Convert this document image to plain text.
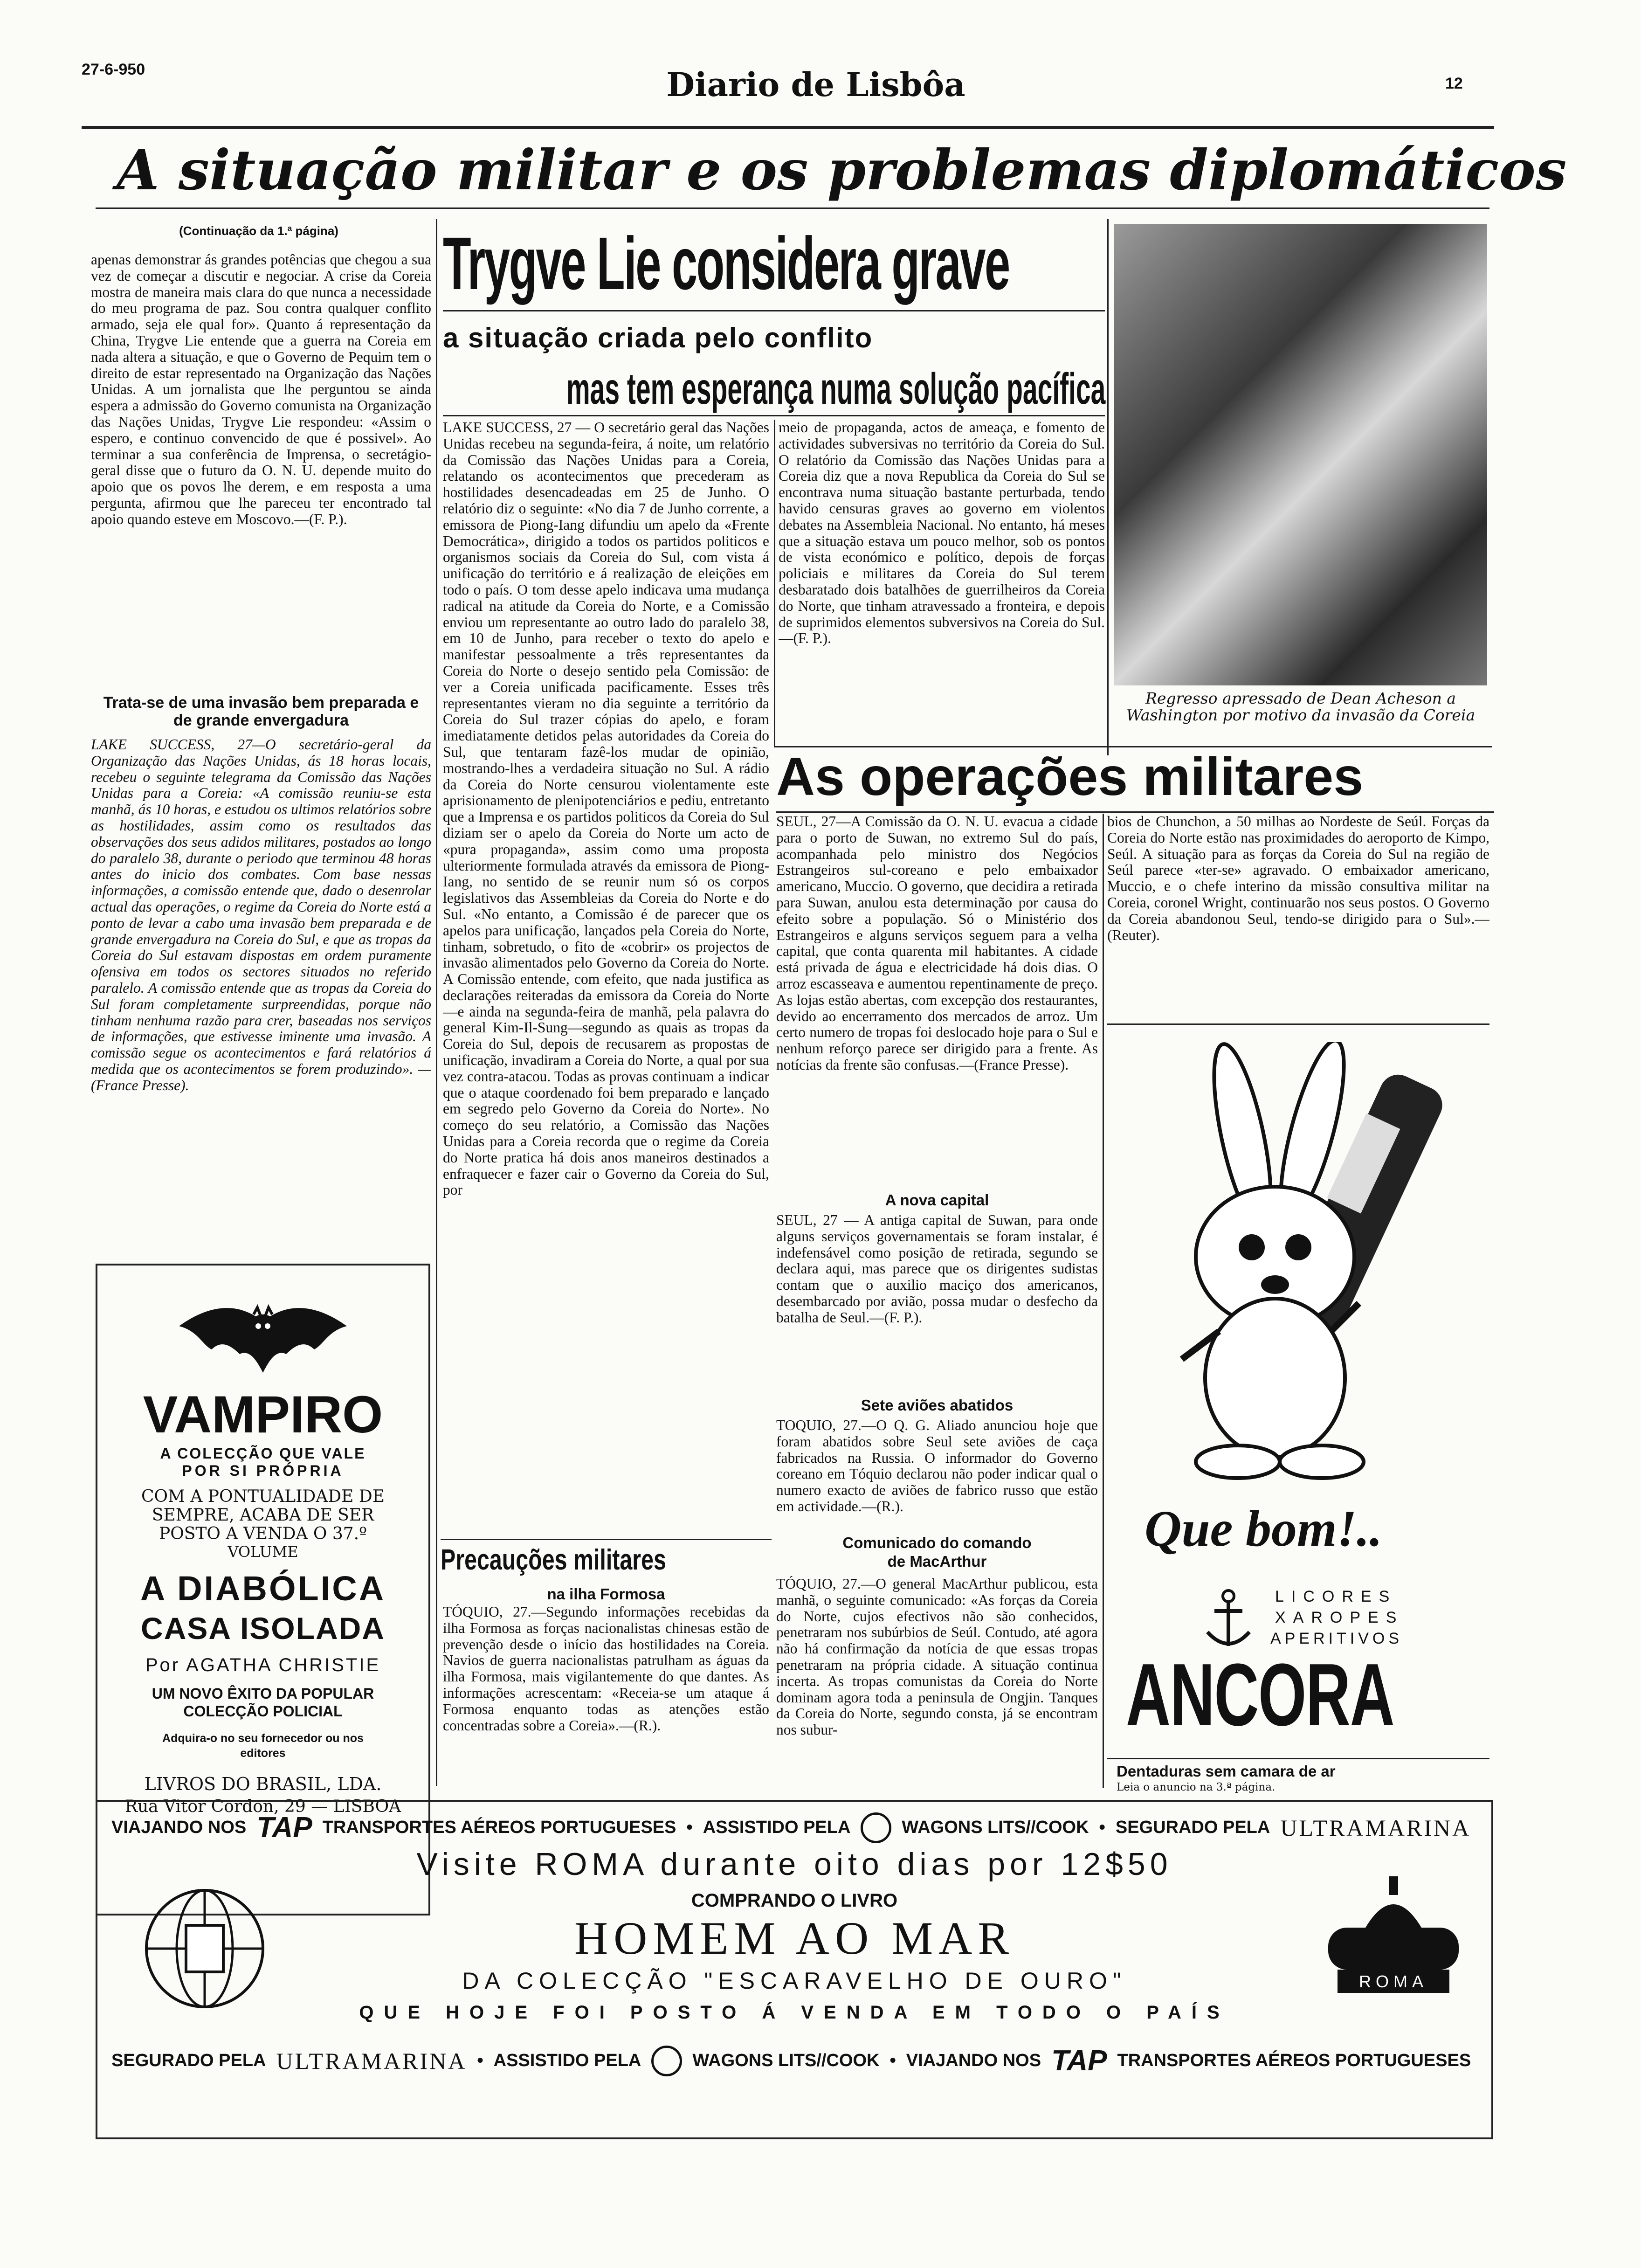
27-6-950	Diario de Lisbôa	12
A situação militar e os problemas diplomáticos
(Continuação da 1.ª página)
apenas demonstrar ás grandes potências que chegou a sua vez de começar a discutir e negociar. A crise da Coreia mostra de maneira mais clara do que nunca a necessidade do meu programa de paz. Sou contra qualquer conflito armado, seja ele qual for». Quanto á representação da China, Trygve Lie entende que a guerra na Coreia em nada altera a situação, e que o Governo de Pequim tem o direito de estar representado na Organização das Nações Unidas. A um jornalista que lhe perguntou se ainda espera a admissão do Governo comunista na Organização das Nações Unidas, Trygve Lie respondeu: «Assim o espero, e continuo convencido de que é possivel». Ao terminar a sua conferência de Imprensa, o secretágio-geral disse que o futuro da O. N. U. depende muito do apoio que os povos lhe derem, e em resposta a uma pergunta, afirmou que lhe pareceu ter encontrado tal apoio quando esteve em Moscovo.—(F. P.).
Trata-se de uma invasão bem preparada e de grande envergadura
LAKE SUCCESS, 27—O secretário-geral da Organização das Nações Unidas, ás 18 horas locais, recebeu o seguinte telegrama da Comissão das Nações Unidas para a Coreia: «A comissão reuniu-se esta manhã, ás 10 horas, e estudou os ultimos relatórios sobre as hostilidades, assim como os resultados das observações dos seus adidos militares, postados ao longo do paralelo 38, durante o periodo que terminou 48 horas antes do inicio dos combates. Com base nessas informações, a comissão entende que, dado o desenrolar actual das operações, o regime da Coreia do Norte está a ponto de levar a cabo uma invasão bem preparada e de grande envergadura na Coreia do Sul, e que as tropas da Coreia do Sul estavam dispostas em ordem puramente ofensiva em todos os sectores situados no referido paralelo. A comissão entende que as tropas da Coreia do Sul foram completamente surpreendidas, porque não tinham nenhuma razão para crer, baseadas nos serviços de informações, que estivesse iminente uma invasão. A comissão segue os acontecimentos e fará relatórios á medida que os acontecimentos se forem produzindo». —(France Presse).
VAMPIRO
A COLECÇÃO QUE VALE
POR SI PRÓPRIA
COM A PONTUALIDADE DE
SEMPRE, ACABA DE SER
POSTO A VENDA O 37.º
VOLUME
A DIABÓLICA
CASA ISOLADA
Por AGATHA CHRISTIE
UM NOVO ÊXITO DA POPULAR
COLECÇÃO POLICIAL
Adquira-o no seu fornecedor ou nos
editores
LIVROS DO BRASIL, LDA.
Rua Vitor Cordon, 29 — LISBOA
Trygve Lie considera grave
a situação criada pelo conflito
mas tem esperança numa solução pacífica
LAKE SUCCESS, 27 — O secretário geral das Nações Unidas recebeu na segunda-feira, á noite, um relatório da Comissão das Nações Unidas para a Coreia, relatando os acontecimentos que precederam as hostilidades desencadeadas em 25 de Junho. O relatório diz o seguinte: «No dia 7 de Junho corrente, a emissora de Piong-Iang difundiu um apelo da «Frente Democrática», dirigido a todos os partidos politicos e organismos sociais da Coreia do Sul, com vista á unificação do território e á realização de eleições em todo o país. O tom desse apelo indicava uma mudança radical na atitude da Coreia do Norte, e a Comissão enviou um representante ao outro lado do paralelo 38, em 10 de Junho, para receber o texto do apelo e manifestar pessoalmente a três representantes da Coreia do Norte o desejo sentido pela Comissão: de ver a Coreia unificada pacificamente. Esses três representantes vieram no dia seguinte a território da Coreia do Sul trazer cópias do apelo, e foram imediatamente detidos pelas autoridades da Coreia do Sul, que tentaram fazê-los mudar de opinião, mostrando-lhes a verdadeira situação no Sul. A rádio da Coreia do Norte censurou violentamente este aprisionamento de plenipotenciários e pediu, entretanto que a Imprensa e os partidos politicos da Coreia do Sul diziam ser o apelo da Coreia do Norte um acto de «pura propaganda», assim como uma proposta ulteriormente formulada através da emissora de Piong-Iang, no sentido de se reunir num só os corpos legislativos das Assembleias da Coreia do Norte e do Sul. «No entanto, a Comissão é de parecer que os apelos para unificação, lançados pela Coreia do Norte, tinham, sobretudo, o fito de «cobrir» os projectos de invasão alimentados pelo Governo da Coreia do Norte. A Comissão entende, com efeito, que nada justifica as declarações reiteradas da emissora da Coreia do Norte—e ainda na segunda-feira de manhã, pela palavra do general Kim-Il-Sung—segundo as quais as tropas da Coreia do Sul, depois de recusarem as propostas de unificação, invadiram a Coreia do Norte, a qual por sua vez contra-atacou. Todas as provas continuam a indicar que o ataque coordenado foi bem preparado e lançado em segredo pelo Governo da Coreia do Norte». No começo do seu relatório, a Comissão das Nações Unidas para a Coreia recorda que o regime da Coreia do Norte pratica há dois anos maneiros destinados a enfraquecer e fazer cair o Governo da Coreia do Sul, por
meio de propaganda, actos de ameaça, e fomento de actividades subversivas no território da Coreia do Sul. O relatório da Comissão das Nações Unidas para a Coreia diz que a nova Republica da Coreia do Sul se encontrava numa situação bastante perturbada, tendo havido censuras graves ao governo em violentos debates na Assembleia Nacional. No entanto, há meses que a situação estava um pouco melhor, sob os pontos de vista económico e político, depois de forças policiais e militares da Coreia do Sul terem desbaratado dois batalhões de guerrilheiros da Coreia do Norte, que tinham atravessado a fronteira, e depois de suprimidos elementos subversivos na Coreia do Sul.—(F. P.).
Regresso apressado de Dean Acheson a Washington por motivo da invasão da Coreia
As operações militares
SEUL, 27—A Comissão da O. N. U. evacua a cidade para o porto de Suwan, no extremo Sul do país, acompanhada pelo ministro dos Negócios Estrangeiros sul-coreano e pelo embaixador americano, Muccio. O governo, que decidira a retirada para Suwan, anulou esta determinação por causa do efeito sobre a população. Só o Ministério dos Estrangeiros e alguns serviços seguem para a velha capital, que conta quarenta mil habitantes. A cidade está privada de água e electricidade há dois dias. O arroz escasseava e aumentou repentinamente de preço. As lojas estão abertas, com excepção dos restaurantes, devido ao encerramento dos mercados de arroz. Um certo numero de tropas foi deslocado hoje para o Sul e nenhum reforço parece ser dirigido para a frente. As notícias da frente são confusas.—(France Presse).
A nova capital
SEUL, 27 — A antiga capital de Suwan, para onde alguns serviços governamentais se foram instalar, é indefensável como posição de retirada, segundo se declara aqui, mas parece que os dirigentes sudistas contam que o auxilio maciço dos americanos, desembarcado por avião, possa mudar o desfecho da batalha de Seul.—(F. P.).
Sete aviões abatidos
TOQUIO, 27.—O Q. G. Aliado anunciou hoje que foram abatidos sobre Seul sete aviões de caça fabricados na Russia. O informador do Governo coreano em Tóquio declarou não poder indicar qual o numero exacto de aviões de fabrico russo que estão em actividade.—(R.).
Comunicado do comando
de MacArthur
TÓQUIO, 27.—O general MacArthur publicou, esta manhã, o seguinte comunicado: «As forças da Coreia do Norte, cujos efectivos não são conhecidos, penetraram nos subúrbios de Seúl. Contudo, até agora não há confirmação da notícia de que essas tropas penetraram na própria cidade. A situação continua incerta. As tropas comunistas da Coreia do Norte dominam agora toda a peninsula de Ongjin. Tanques da Coreia do Norte, segundo consta, já se encontram nos subur-
bios de Chunchon, a 50 milhas ao Nordeste de Seúl. Forças da Coreia do Norte estão nas proximidades do aeroporto de Kimpo, Seúl. A situação para as forças da Coreia do Sul na região de Seúl parece «ter-se» agravado. O embaixador americano, Muccio, e o chefe interino da missão consultiva militar na Coreia, coronel Wright, continuarão nos seus postos. O Governo da Coreia abandonou Seul, tendo-se dirigido para o Sul».—(Reuter).
Que bom!..
LICORES
XAROPES
APERITIVOS
ANCORA
Dentaduras sem camara de ar
Leia o anuncio na 3.ª página.
Precauções militares
na ilha Formosa
TÓQUIO, 27.—Segundo informações recebidas da ilha Formosa as forças nacionalistas chinesas estão de prevenção desde o início das hostilidades na Coreia. Navios de guerra nacionalistas patrulham as águas da ilha Formosa, mais vigilantemente do que dantes. As informações acrescentam: «Receia-se um ataque á Formosa enquanto todas as atenções estão concentradas sobre a Coreia».—(R.).
VIAJANDO NOS TAP TRANSPORTES AÉREOS PORTUGUESES • ASSISTIDO PELA	WAGONS LITS//COOK • SEGURADO PELA ULTRAMARINA
Visite ROMA durante oito dias por 12$50
COMPRANDO O LIVRO
HOMEM AO MAR
DA COLECÇÃO "ESCARAVELHO DE OURO"
QUE HOJE FOI POSTO Á VENDA EM TODO O PAÍS
ROMA
SEGURADO PELA ULTRAMARINA • ASSISTIDO PELA	WAGONS LITS//COOK • VIAJANDO NOS TAP TRANSPORTES AÉREOS PORTUGUESES
